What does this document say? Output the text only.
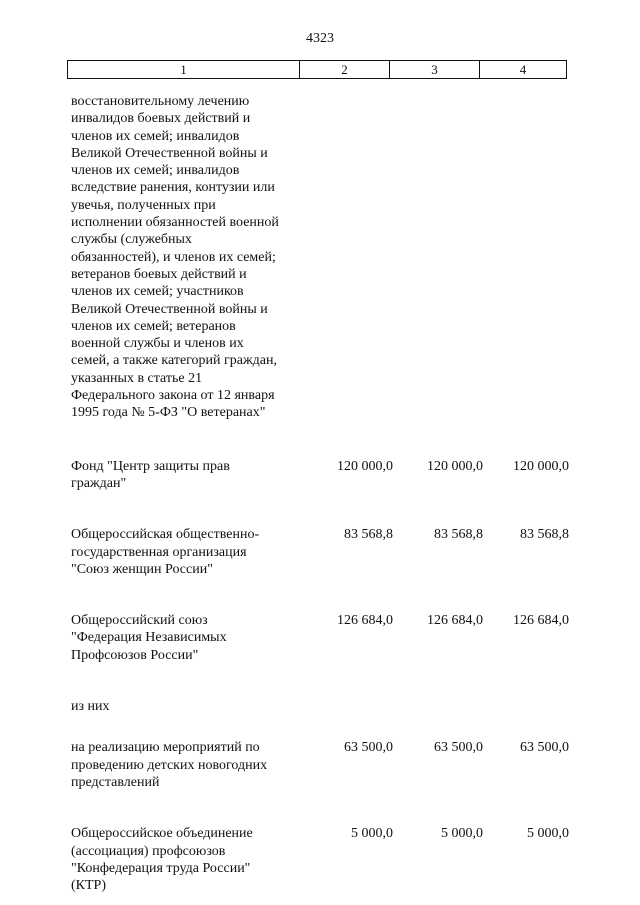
4323
1	2	3	4
восстановительному лечению
инвалидов боевых действий и
членов их семей; инвалидов
Великой Отечественной войны и
членов их семей; инвалидов
вследствие ранения, контузии или
увечья, полученных при
исполнении обязанностей военной
службы (служебных
обязанностей), и членов их семей;
ветеранов боевых действий и
членов их семей; участников
Великой Отечественной войны и
членов их семей; ветеранов
военной службы и членов их
семей, а также категорий граждан,
указанных в статье 21
Федерального закона от 12 января
1995 года № 5-ФЗ "О ветеранах"
Фонд "Центр защиты прав
граждан"
120 000,0	120 000,0	120 000,0
Общероссийская общественно-
государственная организация
"Союз женщин России"
83 568,8	83 568,8	83 568,8
Общероссийский союз
"Федерация Независимых
Профсоюзов России"
126 684,0	126 684,0	126 684,0
из них
на реализацию мероприятий по
проведению детских новогодних
представлений
63 500,0	63 500,0	63 500,0
Общероссийское объединение
(ассоциация) профсоюзов
"Конфедерация труда России"
(КТР)
5 000,0	5 000,0	5 000,0
